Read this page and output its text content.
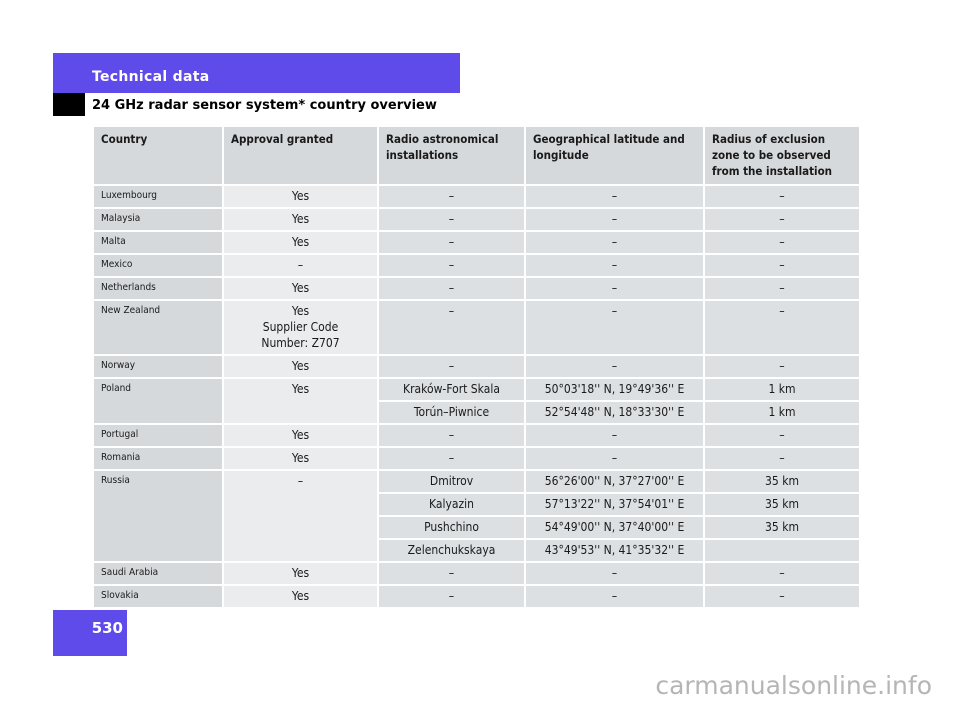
Technical data
24 GHz radar sensor system* country overview
Country	Approval granted	Radio astronomical installations	Geographical latitude and longitude	Radius of exclusion zone to be observed from the installation
Luxembourg	Yes	–	–	–
Malaysia	Yes	–	–	–
Malta	Yes	–	–	–
Mexico	–	–	–	–
Netherlands	Yes	–	–	–
New Zealand	Yes
Supplier Code
Number: Z707	–	–	–
Norway	Yes	–	–	–
Poland	Yes	Kraków-Fort Skala	50°03'18'' N, 19°49'36'' E	1 km
		Torún–Piwnice	52°54'48'' N, 18°33'30'' E	1 km
Portugal	Yes	–	–	–
Romania	Yes	–	–	–
Russia	–	Dmitrov	56°26'00'' N, 37°27'00'' E	35 km
		Kalyazin	57°13'22'' N, 37°54'01'' E	35 km
		Pushchino	54°49'00'' N, 37°40'00'' E	35 km
		Zelenchukskaya	43°49'53'' N, 41°35'32'' E	
Saudi Arabia	Yes	–	–	–
Slovakia	Yes	–	–	–
530
carmanualsonline.info
